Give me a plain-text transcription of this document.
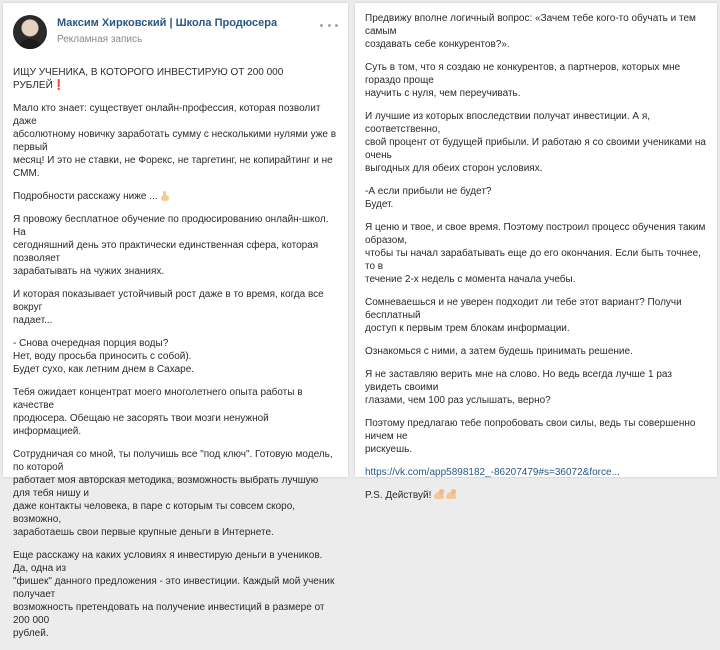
Максим Хирковский | Школа Продюсера
Рекламная запись

ИЩУ УЧЕНИКА, В КОТОРОГО ИНВЕСТИРУЮ ОТ 200 000 РУБЛЕЙ❗

Мало кто знает: существует онлайн-профессия, которая позволит даже
абсолютному новичку заработать сумму с несколькими нулями уже в первый
месяц! И это не ставки, не Форекс, не таргетинг, не копирайтинг и не СММ.

Подробности расскажу ниже ...

Я провожу бесплатное обучение по продюсированию онлайн-школ. На
сегодняшний день это практически единственная сфера, которая позволяет
зарабатывать на чужих знаниях.

И которая показывает устойчивый рост даже в то время, когда все вокруг
падает...

- Снова очередная порция воды?
Нет, воду просьба приносить с собой).
Будет сухо, как летним днем в Сахаре.

Тебя ожидает концентрат моего многолетнего опыта работы в качестве
продюсера. Обещаю не засорять твои мозги ненужной информацией.

Сотрудничая со мной, ты получишь все "под ключ". Готовую модель, по которой
работает моя авторская методика, возможность выбрать лучшую для тебя нишу и
даже контакты человека, в паре с которым ты совсем скоро, возможно,
заработаешь свои первые крупные деньги в Интернете.

Еще расскажу на каких условиях я инвестирую деньги в учеников. Да, одна из
"фишек" данного предложения - это инвестиции. Каждый мой ученик получает
возможность претендовать на получение инвестиций в размере от 200 000
рублей.

Предвижу вполне логичный вопрос: «Зачем тебе кого-то обучать и тем самым
создавать себе конкурентов?».

Суть в том, что я создаю не конкурентов, а партнеров, которых мне гораздо проще
научить с нуля, чем переучивать.

И лучшие из которых впоследствии получат инвестиции. А я, соответственно,
свой процент от будущей прибыли. И работаю я со своими учениками на очень
выгодных для обеих сторон условиях.

-А если прибыли не будет?
Будет.

Я ценю и твое, и свое время. Поэтому построил процесс обучения таким образом,
чтобы ты начал зарабатывать еще до его окончания. Если быть точнее, то в
течение 2-х недель с момента начала учебы.

Сомневаешься и не уверен подходит ли тебе этот вариант? Получи бесплатный
доступ к первым трем блокам информации.

Ознакомься с ними, а затем будешь принимать решение.

Я не заставляю верить мне на слово. Но ведь всегда лучше 1 раз увидеть своими
глазами, чем 100 раз услышать, верно?

Поэтому предлагаю тебе попробовать свои силы, ведь ты совершенно ничем не
рискуешь.

https://vk.com/app5898182_-86207479#s=36072&force...

P.S. Действуй!
